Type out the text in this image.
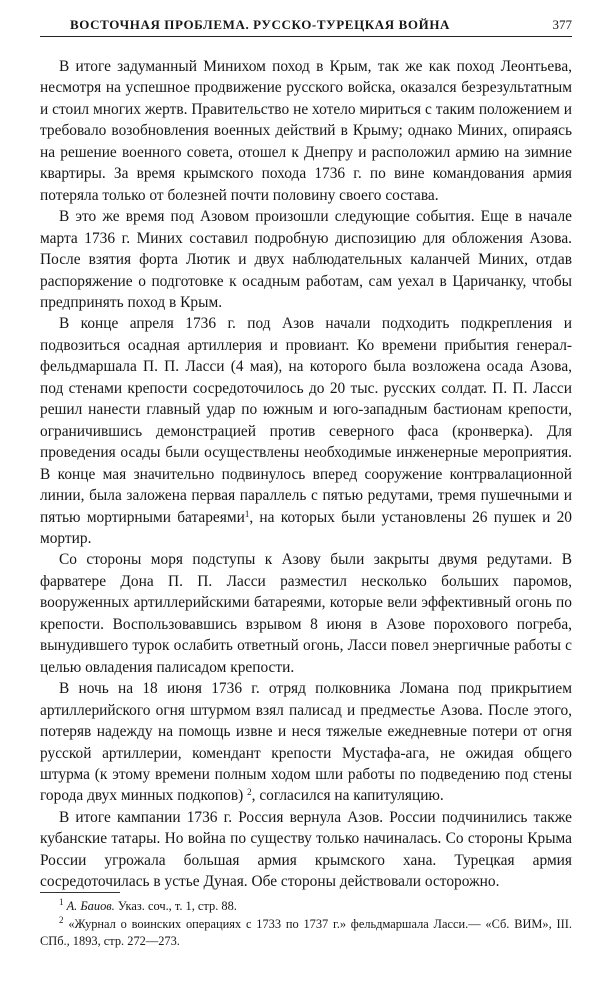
ВОСТОЧНАЯ ПРОБЛЕМА. РУССКО-ТУРЕЦКАЯ ВОЙНА	377

В итоге задуманный Минихом поход в Крым, так же как поход Леонтьева, несмотря на успешное продвижение русского войска, оказался безрезультатным и стоил многих жертв. Правительство не хотело мириться с таким положением и требовало возобновления военных действий в Крыму; однако Миних, опираясь на решение военного совета, отошел к Днепру и расположил армию на зимние квартиры. За время крымского похода 1736 г. по вине командования армия потеряла только от болезней почти половину своего состава.

В это же время под Азовом произошли следующие события. Еще в начале марта 1736 г. Миних составил подробную диспозицию для обложения Азова. После взятия форта Лютик и двух наблюдательных каланчей Миних, отдав распоряжение о подготовке к осадным работам, сам уехал в Царичанку, чтобы предпринять поход в Крым.

В конце апреля 1736 г. под Азов начали подходить подкрепления и подвозиться осадная артиллерия и провиант. Ко времени прибытия генерал-фельдмаршала П. П. Ласси (4 мая), на которого была возложена осада Азова, под стенами крепости сосредоточилось до 20 тыс. русских солдат. П. П. Ласси решил нанести главный удар по южным и юго-западным бастионам крепости, ограничившись демонстрацией против северного фаса (кронверка). Для проведения осады были осуществлены необходимые инженерные мероприятия. В конце мая значительно подвинулось вперед сооружение контрвалационной линии, была заложена первая параллель с пятью редутами, тремя пушечными и пятью мортирными батареями$^1$, на которых были установлены 26 пушек и 20 мортир.

Со стороны моря подступы к Азову были закрыты двумя редутами. В фарватере Дона П. П. Ласси разместил несколько больших паромов, вооруженных артиллерийскими батареями, которые вели эффективный огонь по крепости. Воспользовавшись взрывом 8 июня в Азове порохового погреба, вынудившего турок ослабить ответный огонь, Ласси повел энергичные работы с целью овладения палисадом крепости.

В ночь на 18 июня 1736 г. отряд полковника Ломана под прикрытием артиллерийского огня штурмом взял палисад и предместье Азова. После этого, потеряв надежду на помощь извне и неся тяжелые ежедневные потери от огня русской артиллерии, комендант крепости Мустафа-ага, не ожидая общего штурма (к этому времени полным ходом шли работы по подведению под стены города двух минных подкопов) $^2$, согласился на капитуляцию.

В итоге кампании 1736 г. Россия вернула Азов. России подчинились также кубанские татары. Но война по существу только начиналась. Со стороны Крыма России угрожала большая армия крымского хана. Турецкая армия сосредоточилась в устье Дуная. Обе стороны действовали осторожно.

$^1$ А. Баиов. Указ. соч., т. 1, стр. 88.

$^2$ «Журнал о воинских операциях с 1733 по 1737 г.» фельдмаршала Ласси.— «Сб. ВИМ», III. СПб., 1893, стр. 272—273.
